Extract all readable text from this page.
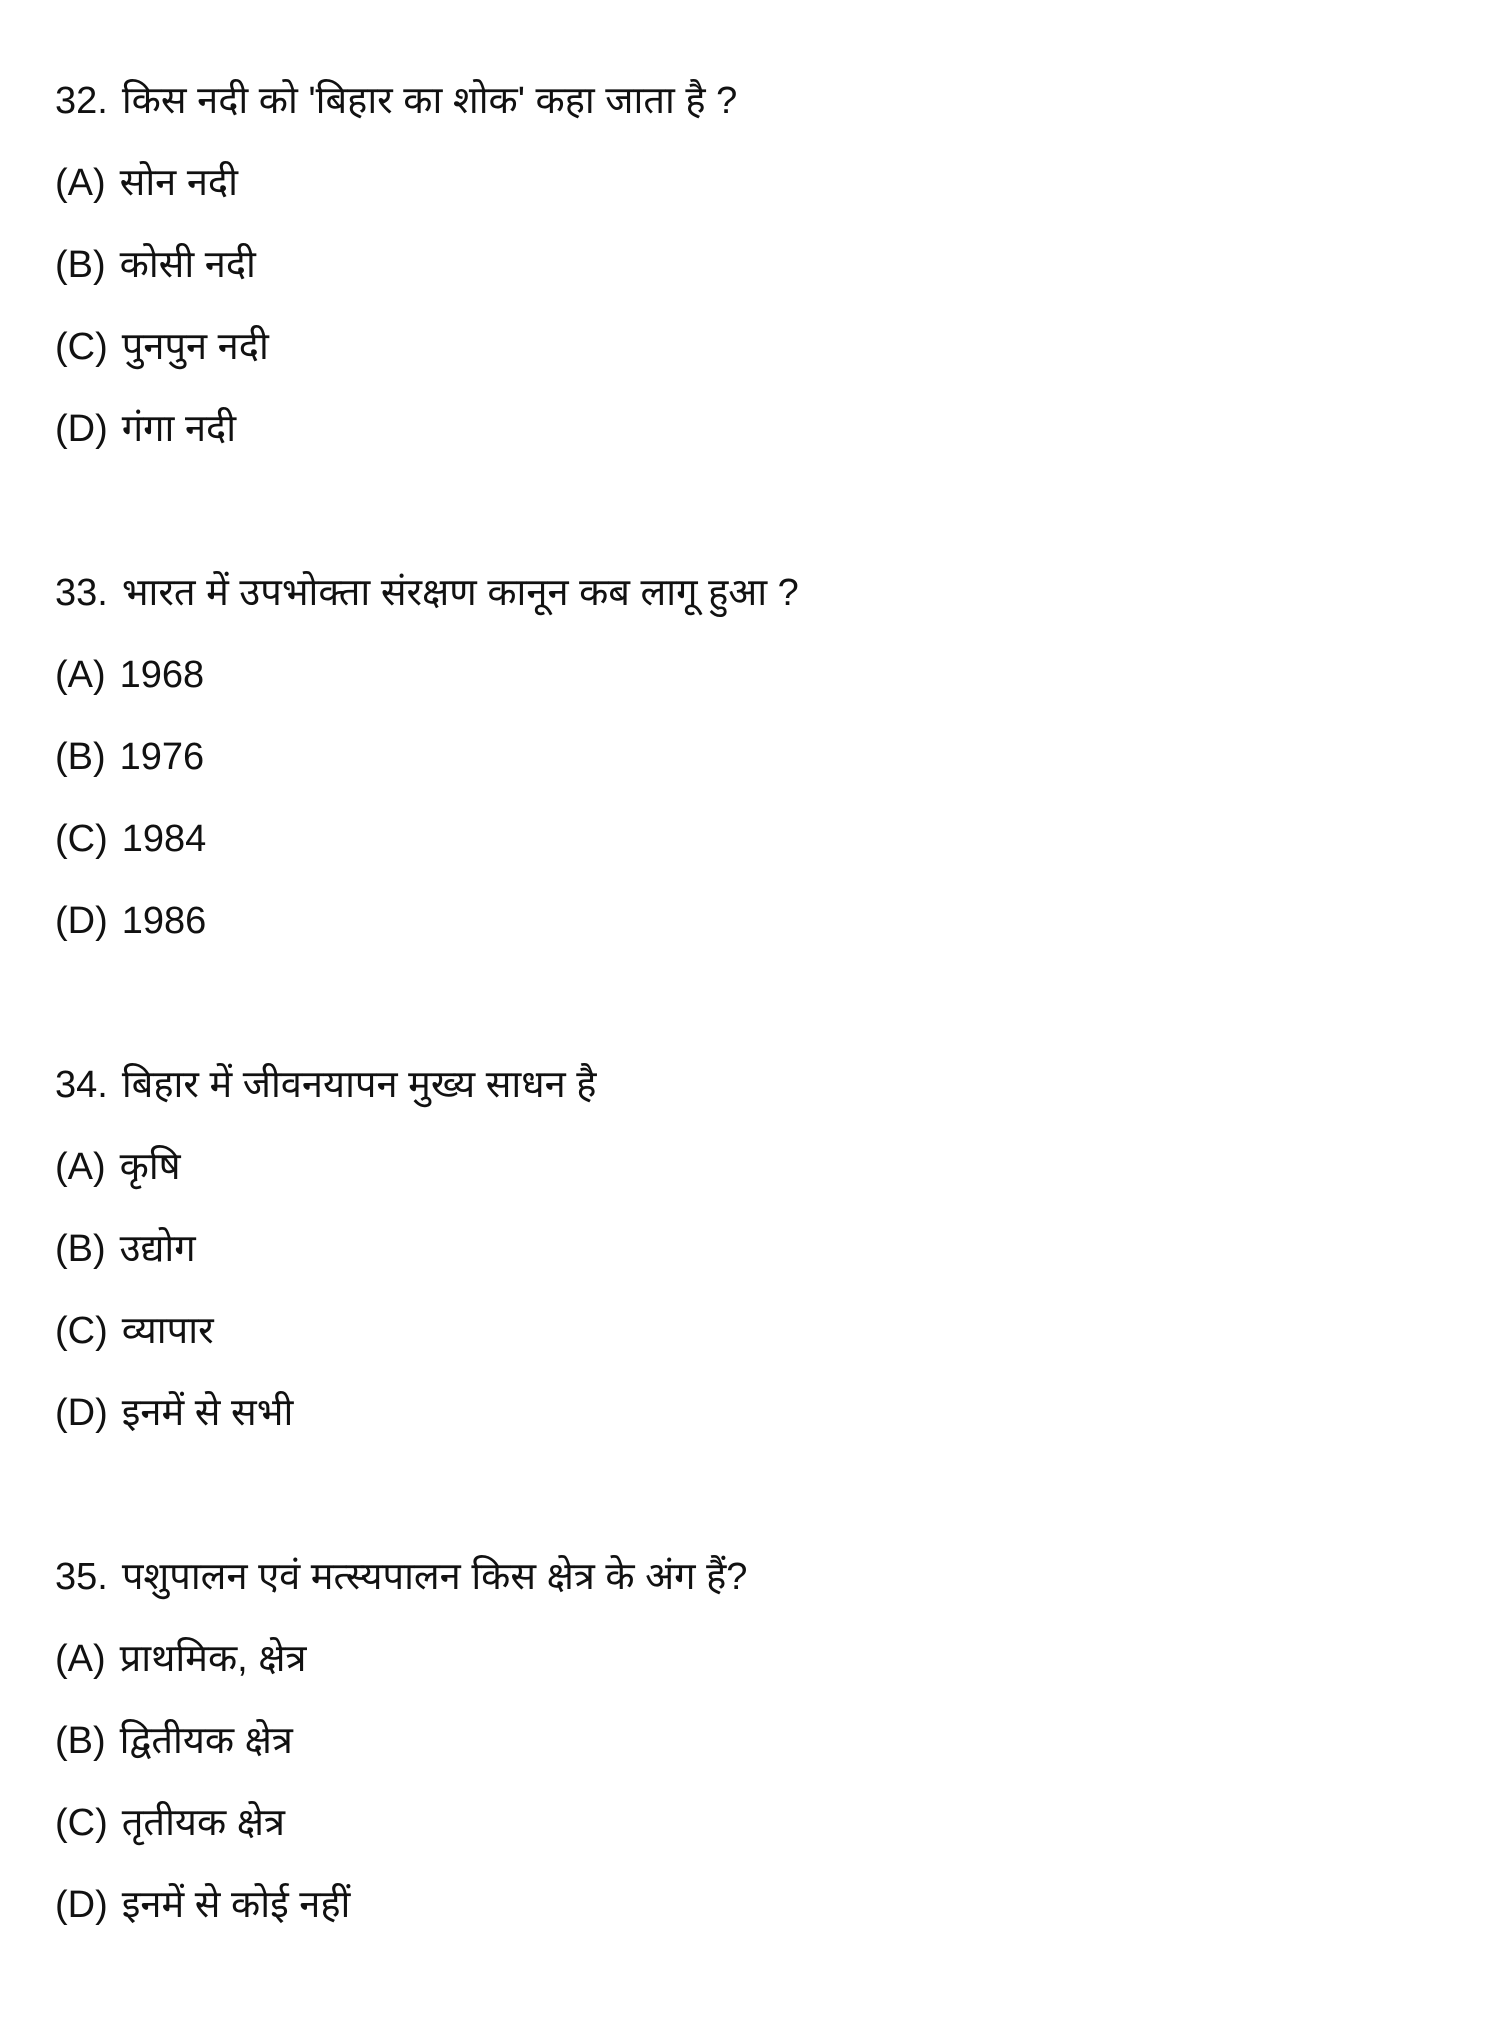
32. किस नदी को 'बिहार का शोक' कहा जाता है ?
(A) सोन नदी
(B) कोसी नदी
(C) पुनपुन नदी
(D) गंगा नदी
33. भारत में उपभोक्ता संरक्षण कानून कब लागू हुआ ?
(A) 1968
(B) 1976
(C) 1984
(D) 1986
34. बिहार में जीवनयापन मुख्य साधन है
(A) कृषि
(B) उद्योग
(C) व्यापार
(D) इनमें से सभी
35. पशुपालन एवं मत्स्यपालन किस क्षेत्र के अंग हैं?
(A) प्राथमिक, क्षेत्र
(B) द्वितीयक क्षेत्र
(C) तृतीयक क्षेत्र
(D) इनमें से कोई नहीं
